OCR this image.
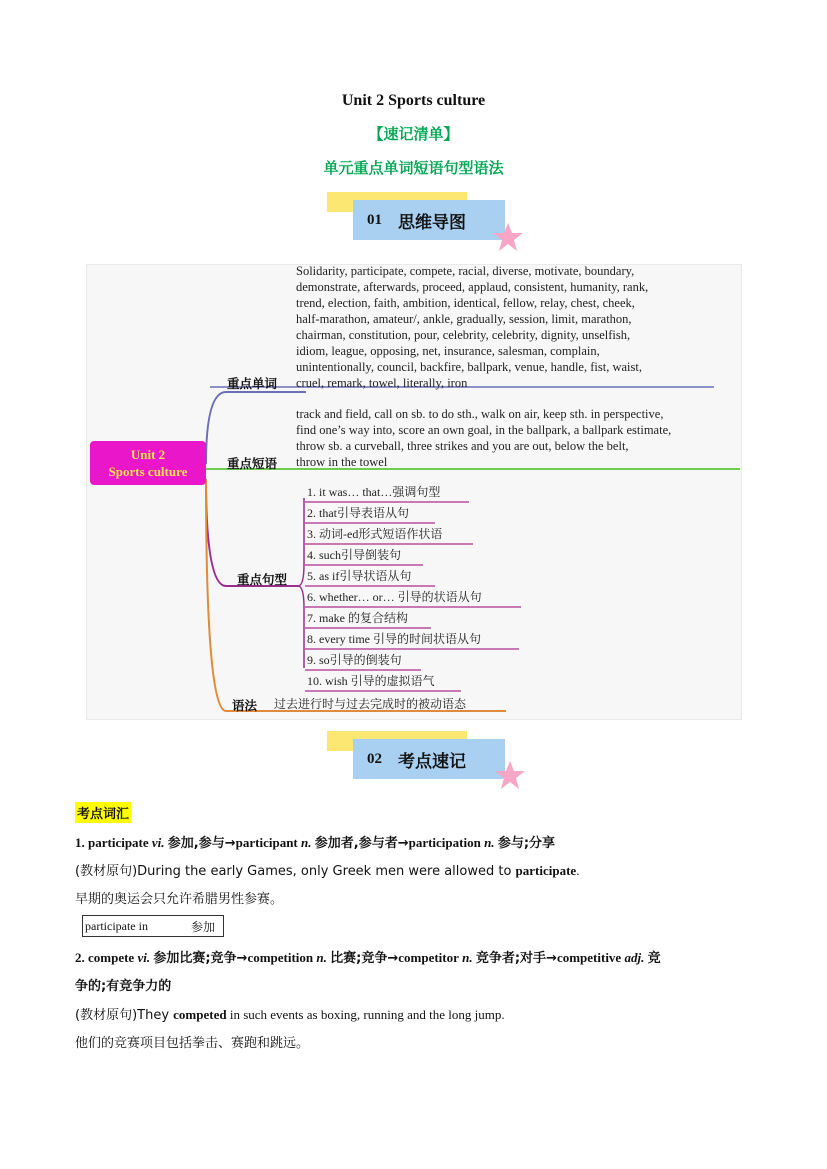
Unit 2 Sports culture
【速记清单】
单元重点单词短语句型语法
01 思维导图
Unit 2
Sports culture
重点单词
重点短语
重点句型
语法
Solidarity, participate, compete, racial, diverse, motivate, boundary,
demonstrate, afterwards, proceed, applaud, consistent, humanity, rank,
trend, election, faith, ambition, identical, fellow, relay, chest, cheek,
half-marathon, amateur/, ankle, gradually, session, limit, marathon,
chairman, constitution, pour, celebrity, celebrity, dignity, unselfish,
idiom, league, opposing, net, insurance, salesman, complain,
unintentionally, council, backfire, ballpark, venue, handle, fist, waist,
cruel, remark, towel, literally, iron
track and field, call on sb. to do sth., walk on air, keep sth. in perspective,
find one’s way into, score an own goal, in the ballpark, a ballpark estimate,
throw sb. a curveball, three strikes and you are out, below the belt,
throw in the towel
1. it was… that…强调句型
2. that引导表语从句
3. 动词-ed形式短语作状语
4. such引导倒装句
5. as if引导状语从句
6. whether… or… 引导的状语从句
7. make 的复合结构
8. every time 引导的时间状语从句
9. so引导的倒装句
10. wish 引导的虚拟语气
过去进行时与过去完成时的被动语态
02 考点速记
考点词汇
1. participate vi. 参加,参与→participant n. 参加者,参与者→participation n. 参与;分享
(教材原句)During the early Games, only Greek men were allowed to participate.
早期的奥运会只允许希腊男性参赛。
participate in	参加
2. compete vi. 参加比赛;竞争→competition n. 比赛;竞争→competitor n. 竞争者;对手→competitive adj. 竞
争的;有竞争力的
(教材原句)They competed in such events as boxing, running and the long jump.
他们的竞赛项目包括拳击、赛跑和跳远。
